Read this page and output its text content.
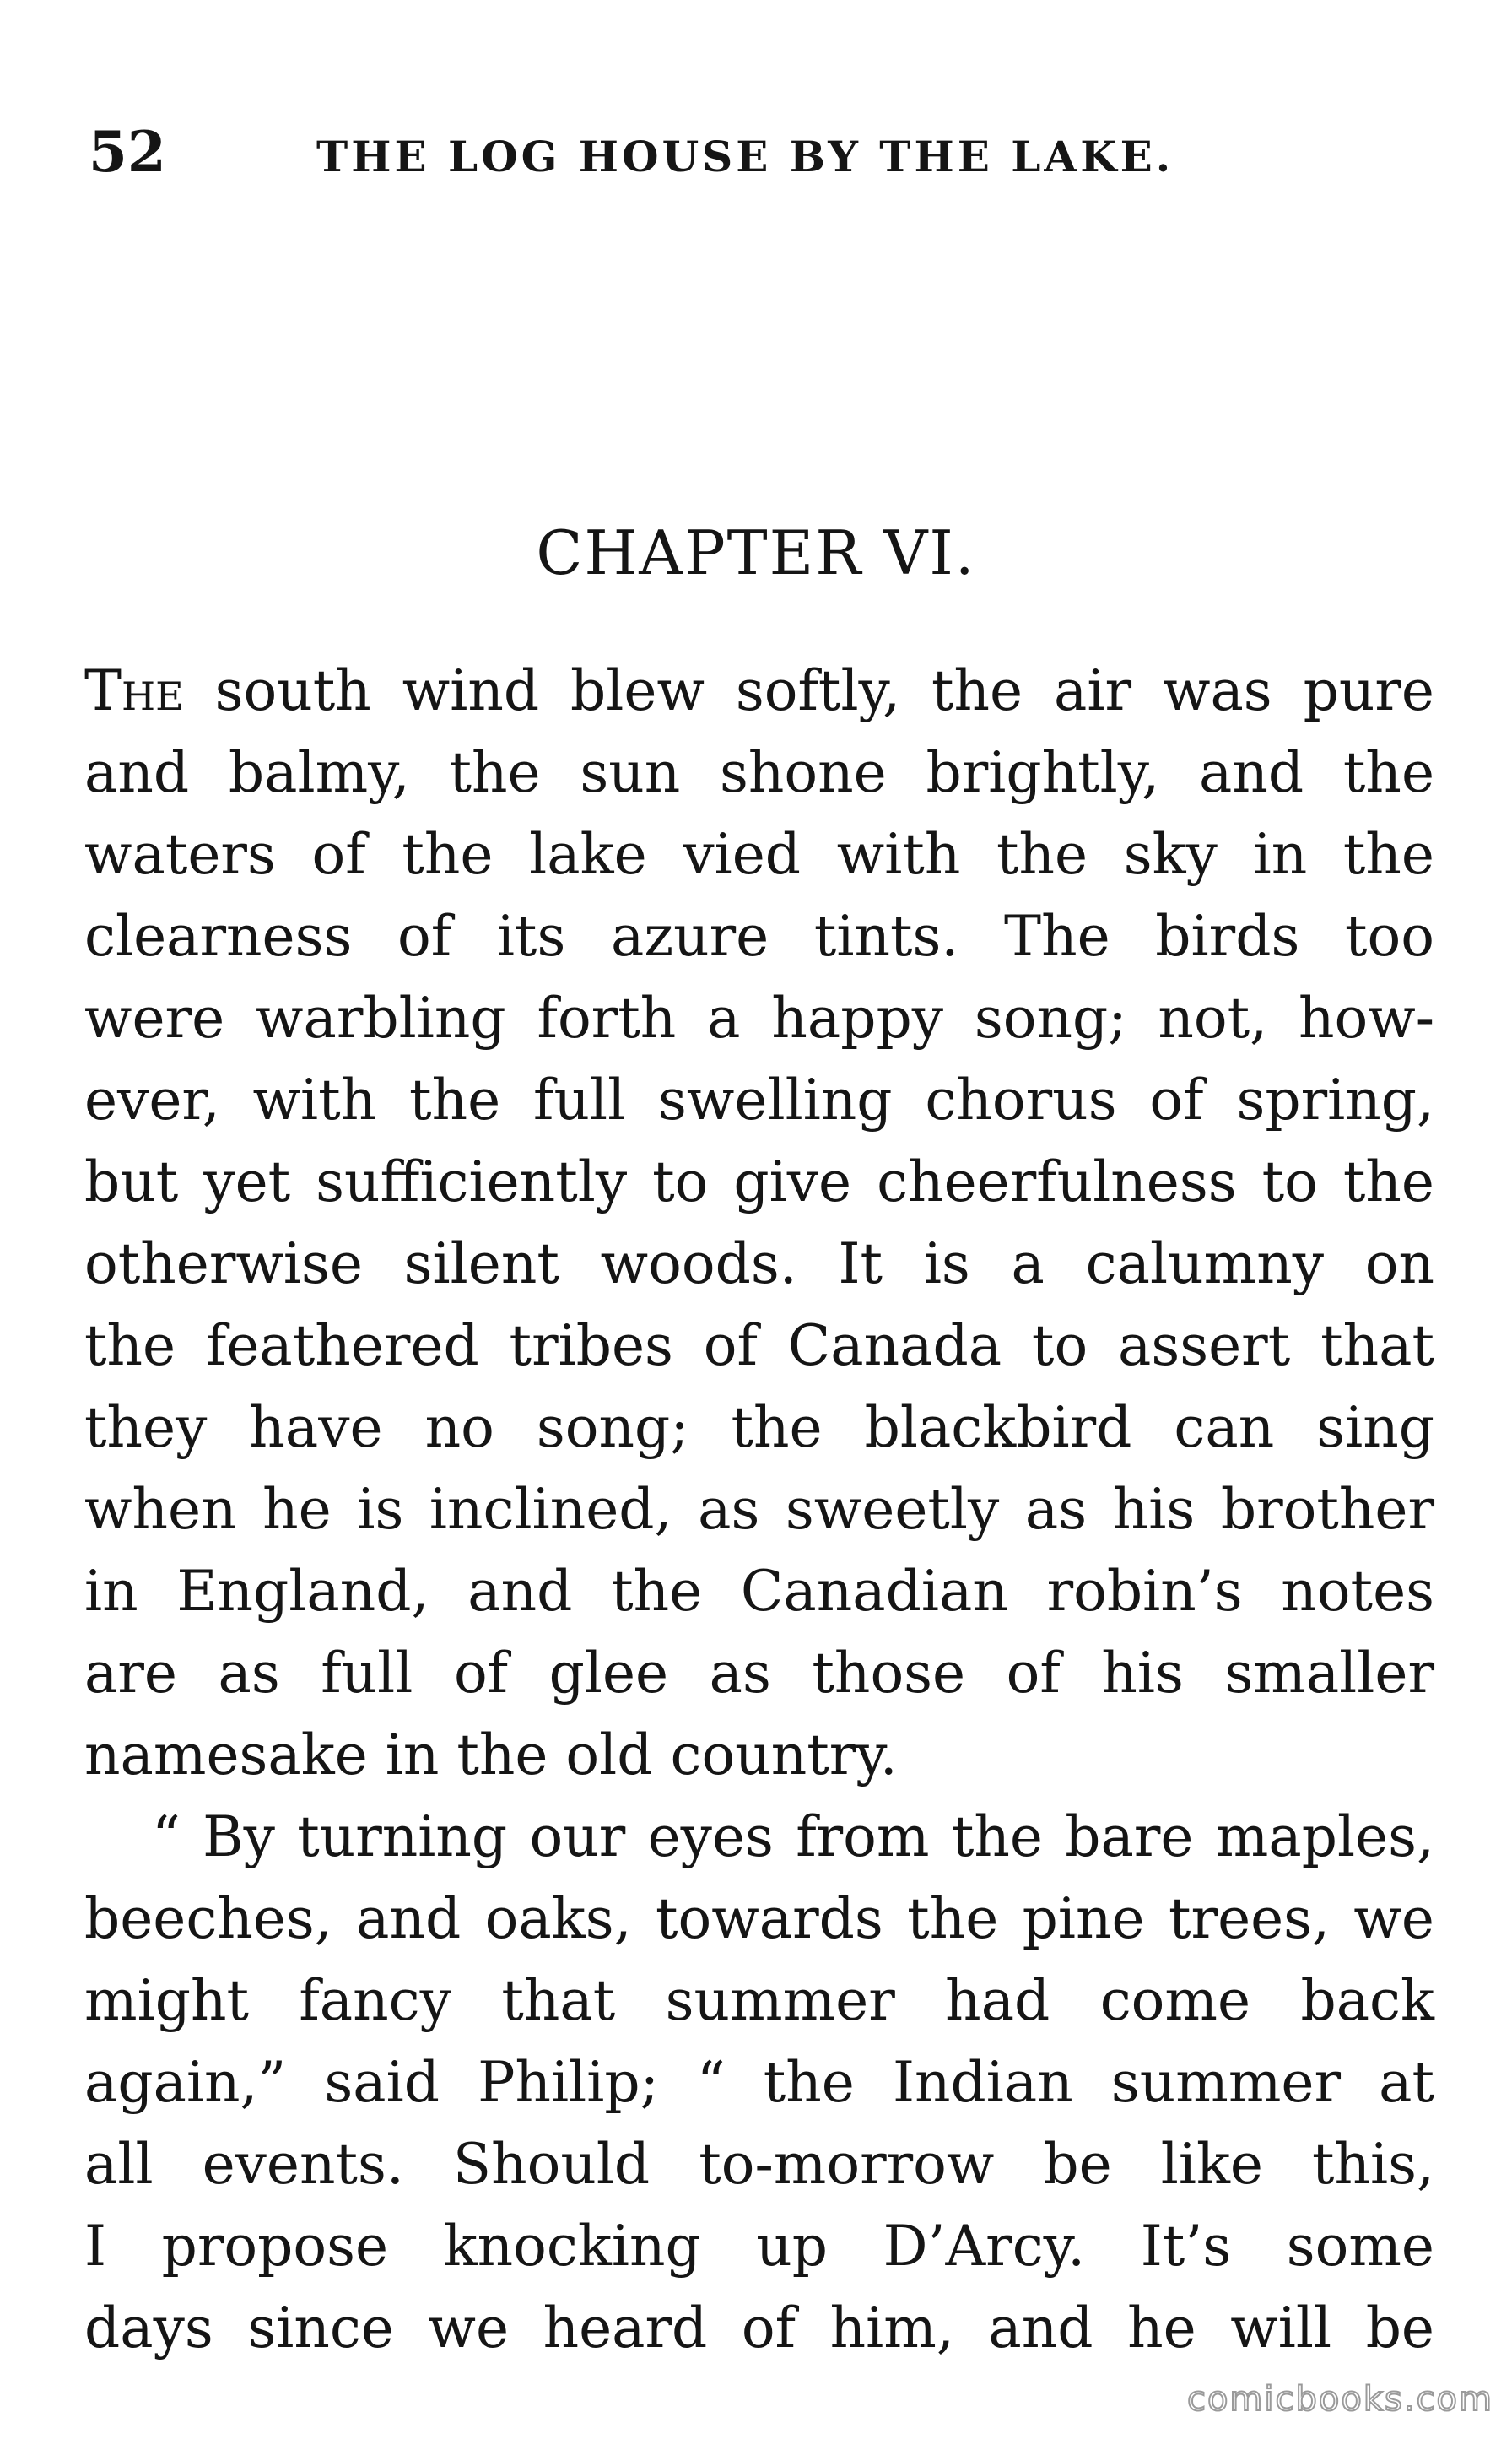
52	THE LOG HOUSE BY THE LAKE.
CHAPTER VI.
The south wind blew softly, the air was pure
and balmy, the sun shone brightly, and the
waters of the lake vied with the sky in the
clearness of its azure tints. The birds too
were warbling forth a happy song; not, how-
ever, with the full swelling chorus of spring,
but yet sufficiently to give cheerfulness to the
otherwise silent woods. It is a calumny on
the feathered tribes of Canada to assert that
they have no song; the blackbird can sing
when he is inclined, as sweetly as his brother
in England, and the Canadian robin’s notes
are as full of glee as those of his smaller
namesake in the old country.
“ By turning our eyes from the bare maples,
beeches, and oaks, towards the pine trees, we
might fancy that summer had come back
again,” said Philip; “ the Indian summer at
all events. Should to-morrow be like this,
I propose knocking up D’Arcy. It’s some
days since we heard of him, and he will be
comicbooks.com
